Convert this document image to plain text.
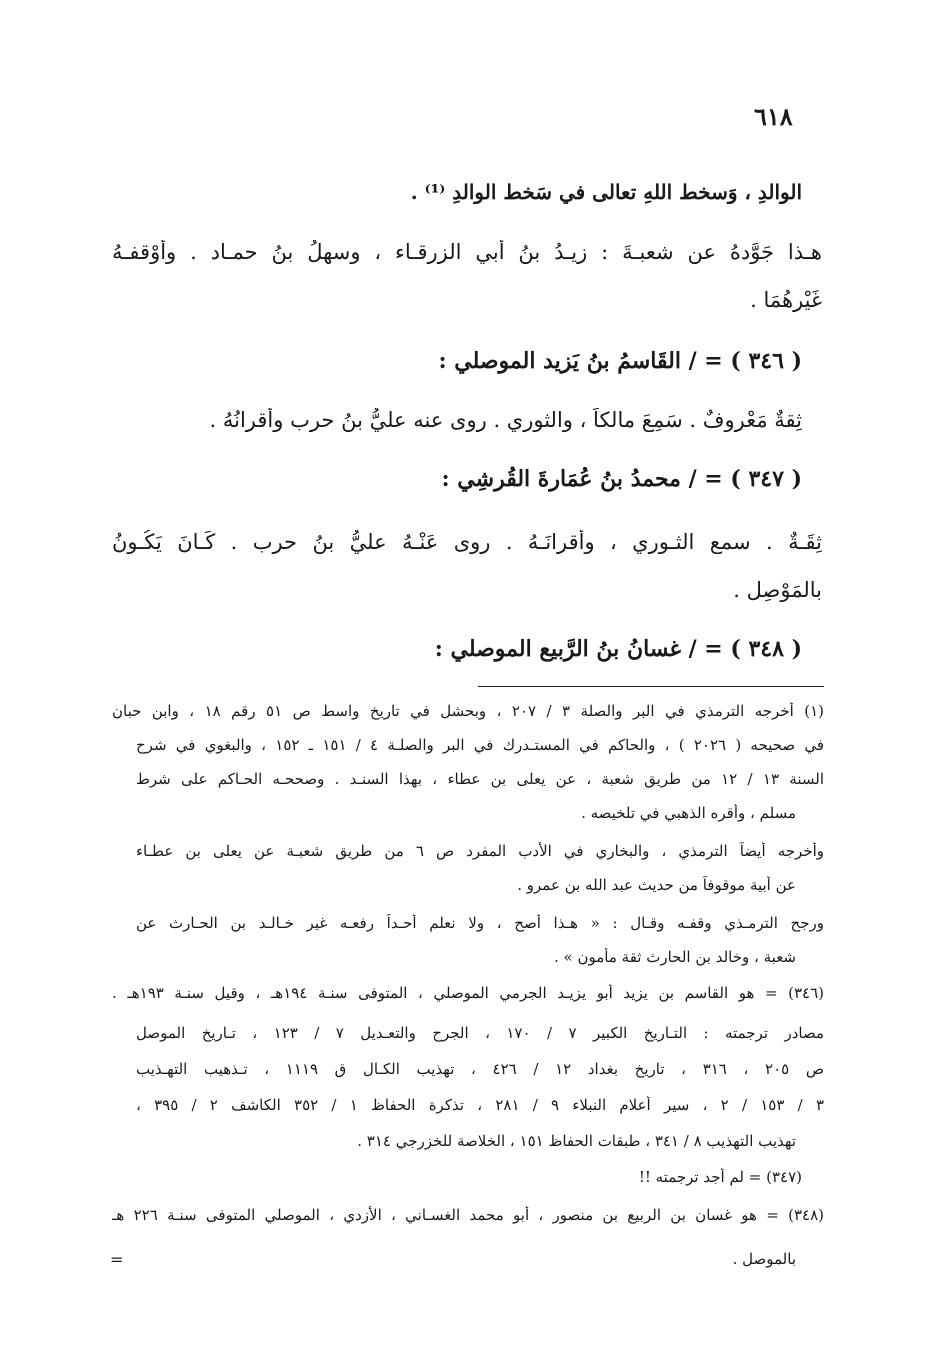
٦١٨
الوالدِ ، وَسخط اللهِ تعالى في سَخط الوالدِ ⁽¹⁾ .
هـذا جَوَّدهُ عن شعبـةَ : زيـدُ بنُ أبي الزرقـاء ، وسهلُ بنُ حمـاد . وأَوْقفـهُ
غَيْرهُمَا .
( ٣٤٦ ) = / القَاسمُ بنُ يَزيد الموصلي :
ثِقةٌ مَعْروفٌ . سَمِعَ مالكاً ، والثوري . روى عنه عليُّ بنُ حرب وأقرانُهُ .
( ٣٤٧ ) = / محمدُ بنُ عُمَارةَ القُرشِي :
ثِقَـةٌ . سمع الثـوري ، وأقرانَـهُ . روى عَنْـهُ عليُّ بنُ حرب . كَـانَ يَكُـونُ
بالمَوْصِلِ .
( ٣٤٨ ) = / غسانُ بنُ الرَّبيع الموصلي :
(١) أخرجه الترمذي في البر والصلة ٣ / ٢٠٧ ، وبحشل في تاريخ واسط ص ٥١ رقم ١٨ ، وابن حبان
في صحيحه ( ٢٠٢٦ ) ، والحاكم في المستـدرك في البر والصلـة ٤ / ١٥١ ـ ١٥٢ ، والبغوي في شرح
السنة ١٣ / ١٢ من طريق شعبة ، عن يعلى بن عطاء ، بهذا السنـد . وصححـه الحـاكم على شرط
مسلم ، وأقره الذهبي في تلخيصه .
وأخرجه أيضاً الترمذي ، والبخاري في الأدب المفرد ص ٦ من طريق شعبـة عن يعلى بن عطـاء
عن أبية موقوفاً من حديث عبد الله بن عمرو .
ورجح الترمـذي وقفـه وقـال : « هـذا أصح ، ولا نعلم أحـداً رفعـه غير خـالـد بن الحـارث عن
شعبة ، وخالد بن الحارث ثقة مأمون » .
(٣٤٦) = هو القاسم بن يزيد أبو يزيـد الجرمي الموصلي ، المتوفى سنـة ١٩٤هـ ، وقيل سنـة ١٩٣هـ .
مصادر ترجمته : التـاريخ الكبير ٧ / ١٧٠ ، الجرح والتعـديل ٧ / ١٢٣ ، تـاريخ الموصل
ص ٢٠٥ ، ٣١٦ ، تاريخ بغداد ١٢ / ٤٢٦ ، تهذيب الكـال ق ١١١٩ ، تـذهيب التهـذيب
٣ / ١٥٣ / ٢ ، سير أعلام النبلاء ٩ / ٢٨١ ، تذكرة الحفاظ ١ / ٣٥٢ الكاشف ٢ / ٣٩٥ ،
تهذيب التهذيب ٨ / ٣٤١ ، طبقات الحفاظ ١٥١ ، الخلاصة للخزرجي ٣١٤ .
(٣٤٧) = لم أجد ترجمته !!
(٣٤٨) = هو غسان بن الربيع بن منصور ، أبو محمد الغسـاني ، الأزدي ، الموصلي المتوفى سنـة ٢٢٦ هـ
بالموصل .
=
